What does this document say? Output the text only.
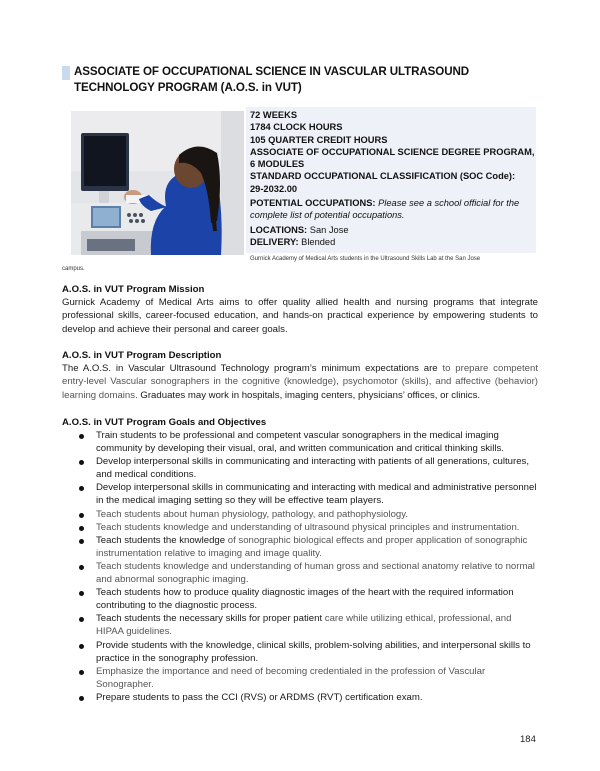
ASSOCIATE OF OCCUPATIONAL SCIENCE IN VASCULAR ULTRASOUND TECHNOLOGY PROGRAM (A.O.S. in VUT)
72 WEEKS
1784 CLOCK HOURS
105 QUARTER CREDIT HOURS
ASSOCIATE OF OCCUPATIONAL SCIENCE DEGREE PROGRAM,
6 MODULES
STANDARD OCCUPATIONAL CLASSIFICATION (SOC Code):
29-2032.00
POTENTIAL OCCUPATIONS: Please see a school official for the complete list of potential occupations.
LOCATIONS: San Jose
DELIVERY: Blended
Gurnick Academy of Medical Arts students in the Ultrasound Skills Lab at the San Jose
campus.
A.O.S. in VUT Program Mission

Gurnick Academy of Medical Arts aims to offer quality allied health and nursing programs that integrate professional skills, career-focused education, and hands-on practical experience by empowering students to develop and achieve their personal and career goals.

A.O.S. in VUT Program Description

The A.O.S. in Vascular Ultrasound Technology program’s minimum expectations are to prepare competent entry-level Vascular sonographers in the cognitive (knowledge), psychomotor (skills), and affective (behavior) learning domains. Graduates may work in hospitals, imaging centers, physicians’ offices, or clinics.

A.O.S. in VUT Program Goals and Objectives
Train students to be professional and competent vascular sonographers in the medical imaging community by developing their visual, oral, and written communication and critical thinking skills.
Develop interpersonal skills in communicating and interacting with patients of all generations, cultures, and medical conditions.
Develop interpersonal skills in communicating and interacting with medical and administrative personnel in the medical imaging setting so they will be effective team players.
Teach students about human physiology, pathology, and pathophysiology.
Teach students knowledge and understanding of ultrasound physical principles and instrumentation.
Teach students the knowledge of sonographic biological effects and proper application of sonographic instrumentation relative to imaging and image quality.
Teach students knowledge and understanding of human gross and sectional anatomy relative to normal and abnormal sonographic imaging.
Teach students how to produce quality diagnostic images of the heart with the required information contributing to the diagnostic process.
Teach students the necessary skills for proper patient care while utilizing ethical, professional, and HIPAA guidelines.
Provide students with the knowledge, clinical skills, problem-solving abilities, and interpersonal skills to practice in the sonography profession.
Emphasize the importance and need of becoming credentialed in the profession of Vascular Sonographer.
Prepare students to pass the CCI (RVS) or ARDMS (RVT) certification exam.
184
